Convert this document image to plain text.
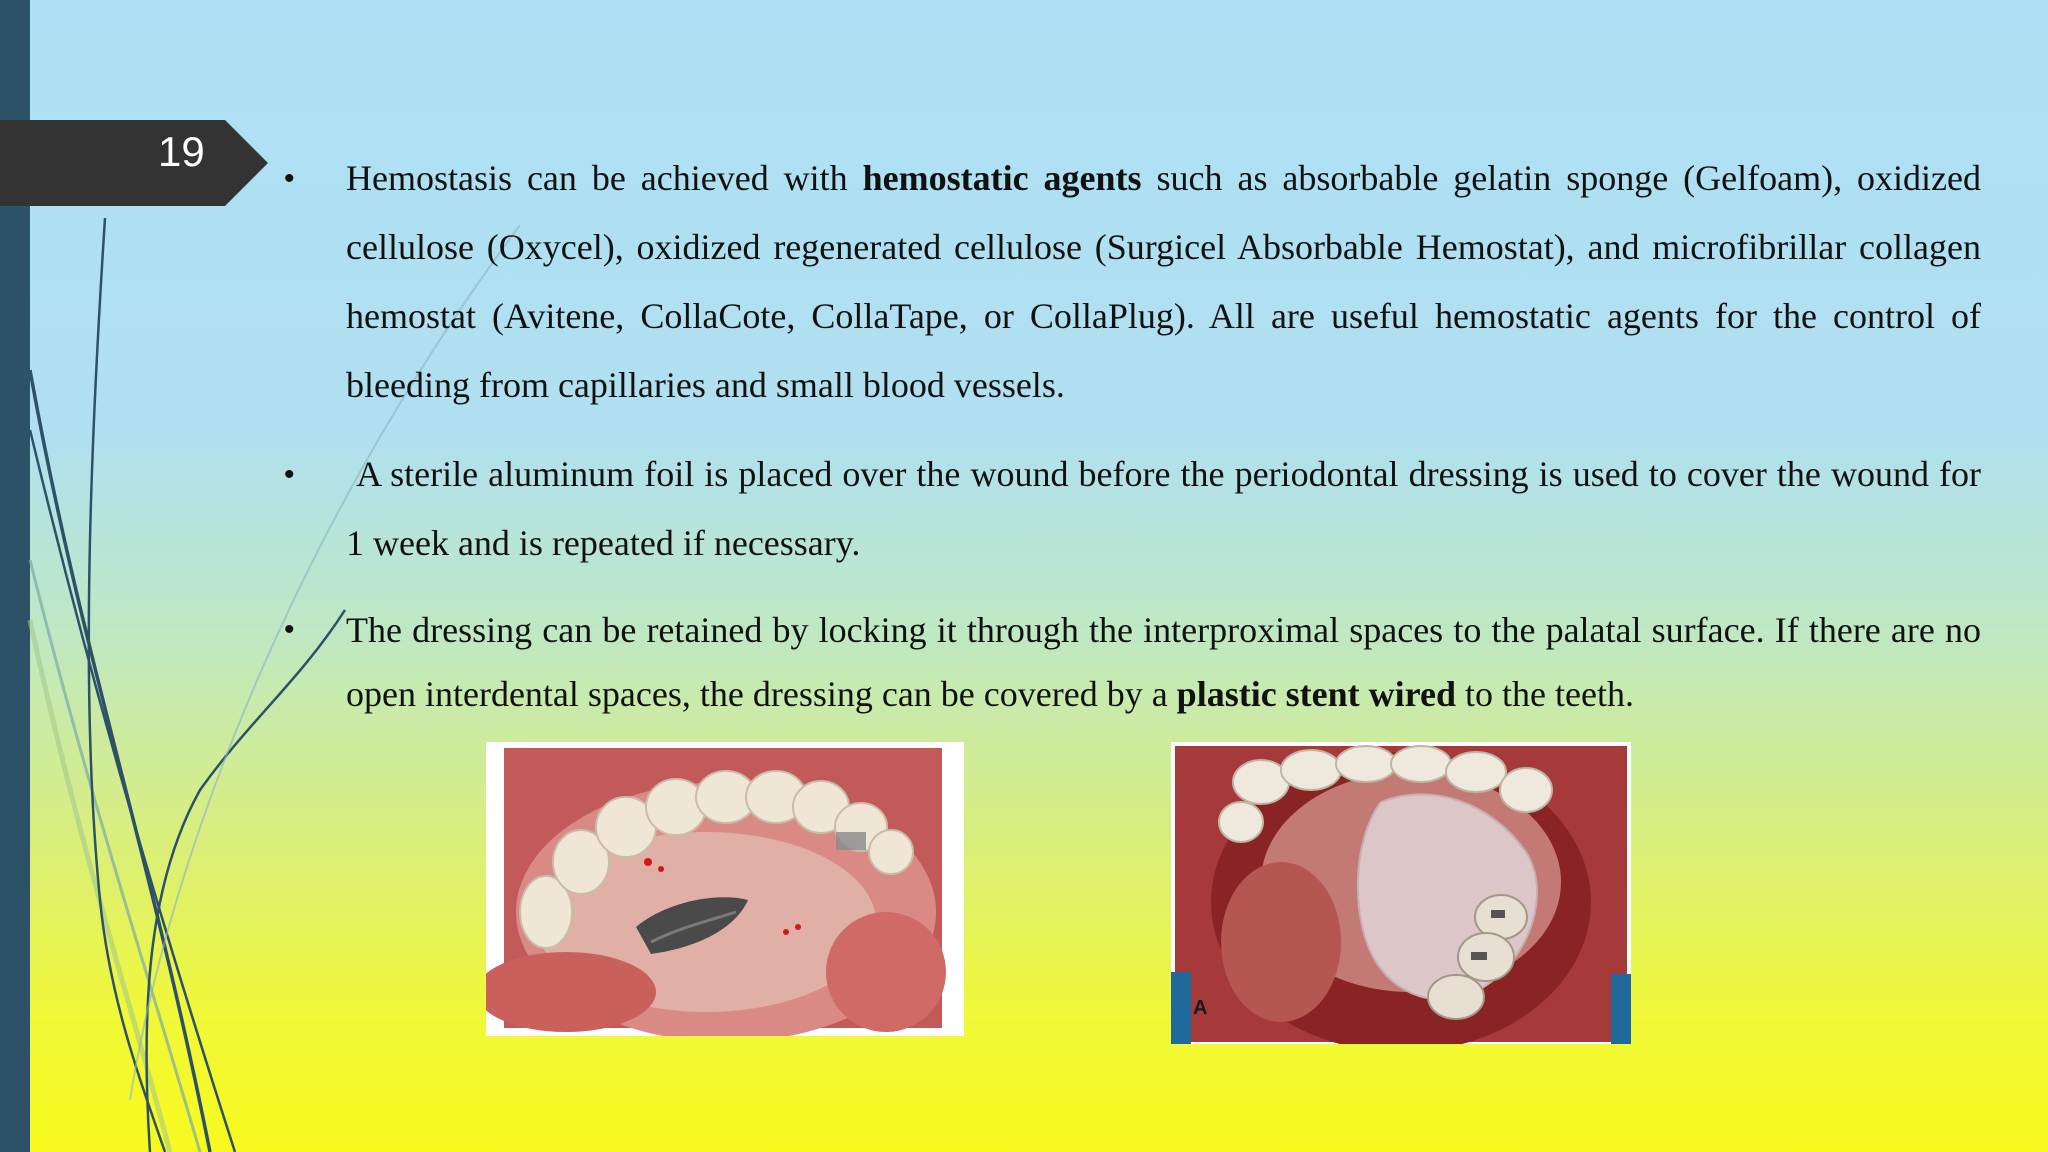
19
• Hemostasis can be achieved with hemostatic agents such as absorbable gelatin sponge (Gelfoam), oxidized cellulose (Oxycel), oxidized regenerated cellulose (Surgicel Absorbable Hemostat), and microfibrillar collagen hemostat (Avitene, CollaCote, CollaTape, or CollaPlug). All are useful hemostatic agents for the control of bleeding from capillaries and small blood vessels.
• A sterile aluminum foil is placed over the wound before the periodontal dressing is used to cover the wound for 1 week and is repeated if necessary.
• The dressing can be retained by locking it through the interproximal spaces to the palatal surface. If there are no open interdental spaces, the dressing can be covered by a plastic stent wired to the teeth.
A
